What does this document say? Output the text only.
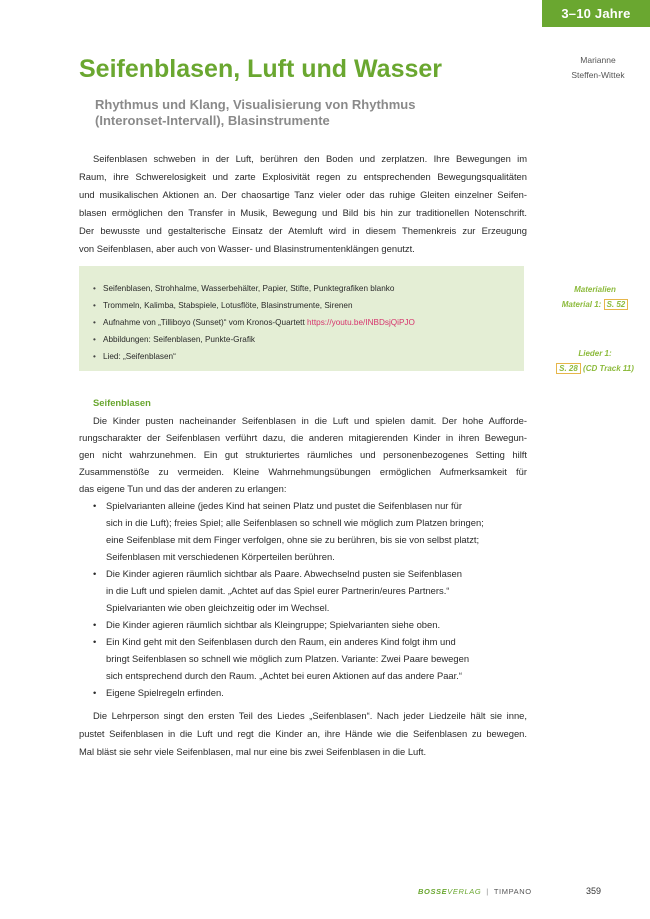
3–10 Jahre
Marianne
Steffen-Wittek
Seifenblasen, Luft und Wasser
Rhythmus und Klang, Visualisierung von Rhythmus
(Interonset-Intervall), Blasinstrumente
Seifenblasen schweben in der Luft, berühren den Boden und zerplatzen. Ihre Bewegungen im
Raum, ihre Schwerelosigkeit und zarte Explosivität regen zu entsprechenden Bewegungsqualitäten
und musikalischen Aktionen an. Der chaosartige Tanz vieler oder das ruhige Gleiten einzelner Seifen-
blasen ermöglichen den Transfer in Musik, Bewegung und Bild bis hin zur traditionellen Notenschrift.
Der bewusste und gestalterische Einsatz der Atemluft wird in diesem Themenkreis zur Erzeugung
von Seifenblasen, aber auch von Wasser- und Blasinstrumentenklängen genutzt.
• Seifenblasen, Strohhalme, Wasserbehälter, Papier, Stifte, Punktegrafiken blanko
• Trommeln, Kalimba, Stabspiele, Lotusflöte, Blasinstrumente, Sirenen
• Aufnahme von „Tilliboyo (Sunset)“ vom Kronos-Quartett https://youtu.be/INBDsjQiPJO
• Abbildungen: Seifenblasen, Punkte-Grafik
• Lied: „Seifenblasen“
Materialien
Material 1: S. 52
Lieder 1:
S. 28 (CD Track 11)
Seifenblasen
Die Kinder pusten nacheinander Seifenblasen in die Luft und spielen damit. Der hohe Aufforde-
rungscharakter der Seifenblasen verführt dazu, die anderen mitagierenden Kinder in ihren Bewegun-
gen nicht wahrzunehmen. Ein gut strukturiertes räumliches und personenbezogenes Setting hilft
Zusammenstöße zu vermeiden. Kleine Wahrnehmungsübungen ermöglichen Aufmerksamkeit für
das eigene Tun und das der anderen zu erlangen:
• Spielvarianten alleine (jedes Kind hat seinen Platz und pustet die Seifenblasen nur für
sich in die Luft); freies Spiel; alle Seifenblasen so schnell wie möglich zum Platzen bringen;
eine Seifenblase mit dem Finger verfolgen, ohne sie zu berühren, bis sie von selbst platzt;
Seifenblasen mit verschiedenen Körperteilen berühren.
• Die Kinder agieren räumlich sichtbar als Paare. Abwechselnd pusten sie Seifenblasen
in die Luft und spielen damit. „Achtet auf das Spiel eurer Partnerin/eures Partners.“
Spielvarianten wie oben gleichzeitig oder im Wechsel.
• Die Kinder agieren räumlich sichtbar als Kleingruppe; Spielvarianten siehe oben.
• Ein Kind geht mit den Seifenblasen durch den Raum, ein anderes Kind folgt ihm und
bringt Seifenblasen so schnell wie möglich zum Platzen. Variante: Zwei Paare bewegen
sich entsprechend durch den Raum. „Achtet bei euren Aktionen auf das andere Paar.“
• Eigene Spielregeln erfinden.
Die Lehrperson singt den ersten Teil des Liedes „Seifenblasen“. Nach jeder Liedzeile hält sie inne,
pustet Seifenblasen in die Luft und regt die Kinder an, ihre Hände wie die Seifenblasen zu bewegen.
Mal bläst sie sehr viele Seifenblasen, mal nur eine bis zwei Seifenblasen in die Luft.
BOSSEVERLAG | TIMPANO	359
